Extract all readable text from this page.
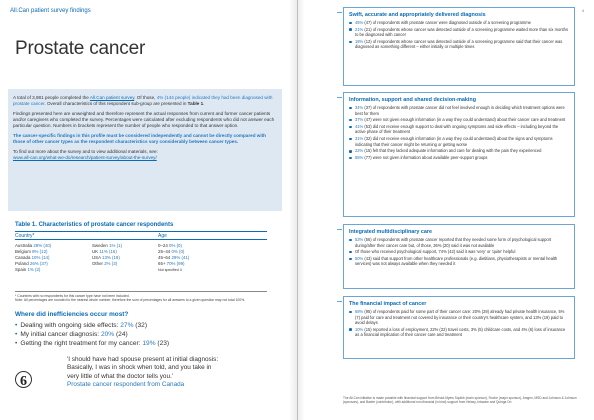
All.Can patient survey findings
Prostate cancer

A total of 3,981 people completed the All.Can patient survey. Of those, 4% (144 people) indicated they had been diagnosed with prostate cancer. Overall characteristics of this respondent sub-group are presented in Table 1.

Findings presented here are unweighted and therefore represent the actual responses from current and former cancer patients and/or caregivers who completed the survey. Percentages were calculated after excluding respondents who did not answer each particular question. Numbers in brackets represent the number of people who responded to that answer option.

The cancer-specific findings in this profile must be considered independently and cannot be directly compared with those of other cancer types as the respondent characteristics vary considerably between cancer types.

To find out more about the survey and to view additional materials, see:
www.all-can.org/what-we-do/research/patient-survey/about-the-survey/

Table 1. Characteristics of prostate cancer respondents
Country*	Age
Australia 28% (40)
Belgium 8% (12)
Canada 10% (14)
Poland 26% (37)
Spain 1% (2)
Sweden 1% (1)
UK 11% (16)
USA 13% (19)
Other 2% (3)
0–24 0% (0)
25–44 0% (0)
45–64 29% (41)
65+ 70% (99)
Not specified 4
* Countries with no respondents for this cancer type have not been included.
Note: All percentages are rounded to the nearest whole number, therefore the sum of percentages for all answers to a given question may not total 100%.
Where did inefficiencies occur most?
• Dealing with ongoing side effects: 27% (32)
• My initial cancer diagnosis: 20% (24)
• Getting the right treatment for my cancer: 19% (23)
6
'I should have had spouse present at initial diagnosis:
Basically, I was in shock when told, and you take in
very little of what the doctor tells you.'
Prostate cancer respondent from Canada
4
Swift, accurate and appropriately delivered diagnosis
45% (47) of respondents with prostate cancer were diagnosed outside of a screening programme
21% (21) of respondents whose cancer was detected outside of a screening programme waited more than six months to be diagnosed with cancer
18% (12) of respondents whose cancer was detected outside of a screening programme said that their cancer was diagnosed as something different – either initially or multiple times
Information, support and shared decision-making
34% (37) of respondents with prostate cancer did not feel involved enough in deciding which treatment options were best for them
37% (47) were not given enough information (in a way they could understand) about their cancer care and treatment
41% (53) did not receive enough support to deal with ongoing symptoms and side effects – including beyond the active phase of their treatment
31% (32) did not receive enough information (in a way they could understand) about the signs and symptoms indicating that their cancer might be returning or getting worse
22% (15) felt that they lacked adequate information and care for dealing with the pain they experienced
55% (77) were not given information about available peer-support groups
Integrated multidisciplinary care
53% (56) of respondents with prostate cancer reported that they needed some form of psychological support during/after their cancer care but, of those, 36% (20) said it was not available
Of those who received psychological support, 74% (42) said it was 'very' or 'quite' helpful
50% (43) said that support from other healthcare professionals (e.g. dietitians, physiotherapists or mental health services) was not always available when they needed it
The financial impact of cancer
58% (95) of respondents paid for some part of their cancer care: 20% (29) already had private health insurance, 5% (7) paid for care and treatment not covered by insurance or their country's healthcare system, and 13% (19) paid to avoid delays
10% (15) reported a loss of employment, 22% (32) travel costs, 3% (5) childcare costs, and 4% (6) loss of insurance as a financial implication of their cancer care and treatment
The All.Can initiative is made possible with financial support from Bristol-Myers Squibb (main sponsor), Roche (major sponsor), Amgen, MSD and Johnson & Johnson (sponsors), and Baxter (contributor), with additional non-financial (in kind) support from Helaxy, Intacare and Quinga On
